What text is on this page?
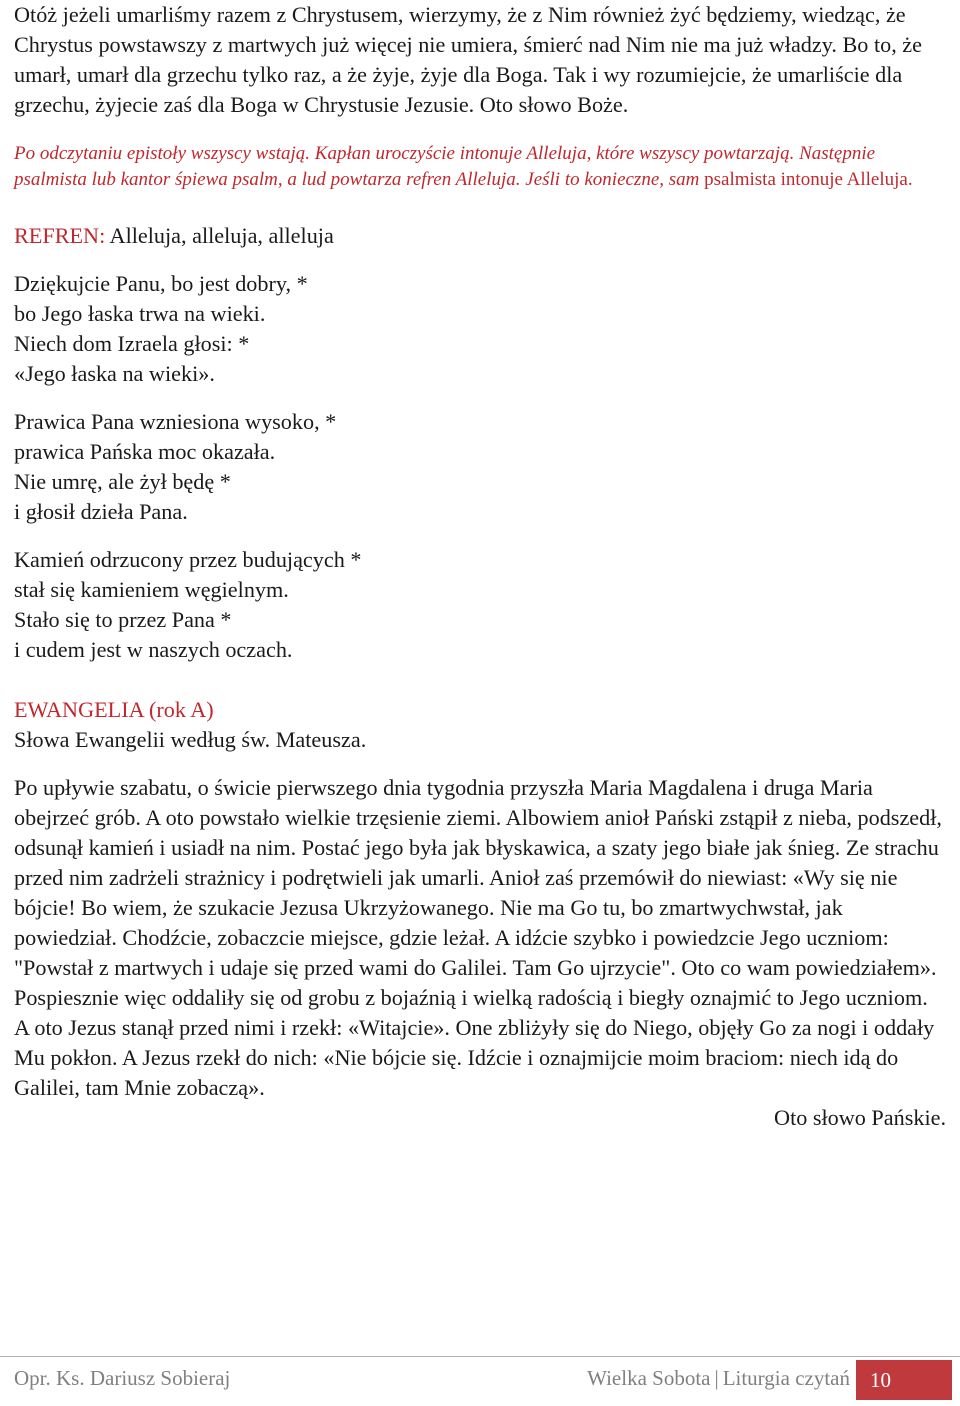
Otóż jeżeli umarliśmy razem z Chrystusem, wierzymy, że z Nim również żyć będziemy, wiedząc, że Chrystus powstawszy z martwych już więcej nie umiera, śmierć nad Nim nie ma już władzy. Bo to, że umarł, umarł dla grzechu tylko raz, a że żyje, żyje dla Boga. Tak i wy rozumiejcie, że umarliście dla grzechu, żyjecie zaś dla Boga w Chrystusie Jezusie. Oto słowo Boże.

Po odczytaniu epistoły wszyscy wstają. Kapłan uroczyście intonuje Alleluja, które wszyscy powtarzają. Następnie psalmista lub kantor śpiewa psalm, a lud powtarza refren Alleluja. Jeśli to konieczne, sam psalmista intonuje Alleluja.

REFREN: Alleluja, alleluja, alleluja

Dziękujcie Panu, bo jest dobry, *
bo Jego łaska trwa na wieki.
Niech dom Izraela głosi: *
«Jego łaska na wieki».
Prawica Pana wzniesiona wysoko, *
prawica Pańska moc okazała.
Nie umrę, ale żył będę *
i głosił dzieła Pana.
Kamień odrzucony przez budujących *
stał się kamieniem węgielnym.
Stało się to przez Pana *
i cudem jest w naszych oczach.
EWANGELIA (rok A)
Słowa Ewangelii według św. Mateusza.

Po upływie szabatu, o świcie pierwszego dnia tygodnia przyszła Maria Magdalena i druga Maria obejrzeć grób. A oto powstało wielkie trzęsienie ziemi. Albowiem anioł Pański zstąpił z nieba, podszedł, odsunął kamień i usiadł na nim. Postać jego była jak błyskawica, a szaty jego białe jak śnieg. Ze strachu przed nim zadrżeli strażnicy i podrętwieli jak umarli. Anioł zaś przemówił do niewiast: «Wy się nie bójcie! Bo wiem, że szukacie Jezusa Ukrzyżowanego. Nie ma Go tu, bo zmartwychwstał, jak powiedział. Chodźcie, zobaczcie miejsce, gdzie leżał. A idźcie szybko i powiedzcie Jego uczniom: "Powstał z martwych i udaje się przed wami do Galilei. Tam Go ujrzycie". Oto co wam powiedziałem». Pospiesznie więc oddaliły się od grobu z bojaźnią i wielką radością i biegły oznajmić to Jego uczniom. A oto Jezus stanął przed nimi i rzekł: «Witajcie». One zbliżyły się do Niego, objęły Go za nogi i oddały Mu pokłon. A Jezus rzekł do nich: «Nie bójcie się. Idźcie i oznajmijcie moim braciom: niech idą do Galilei, tam Mnie zobaczą».

Oto słowo Pańskie.

Opr. Ks. Dariusz Sobieraj	Wielka Sobota | Liturgia czytań 10
